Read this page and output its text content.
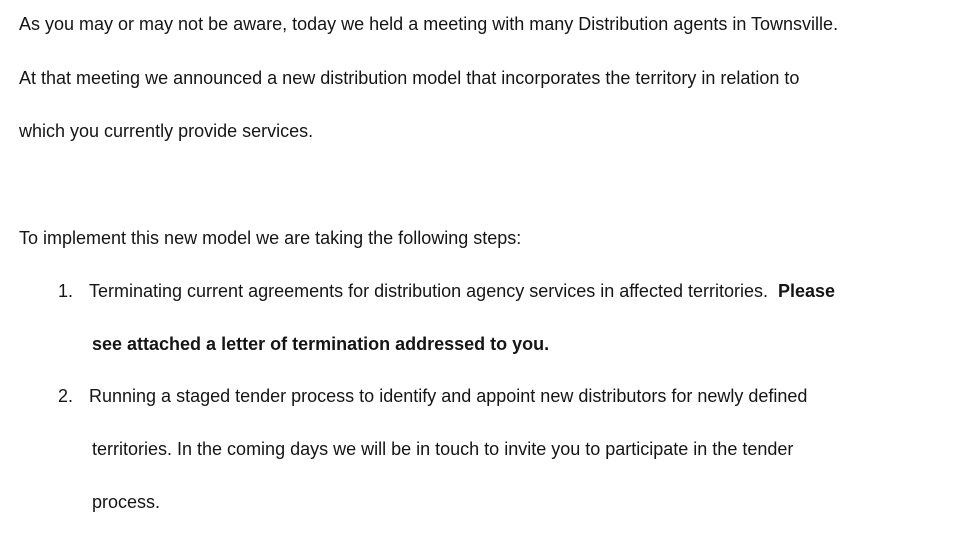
As you may or may not be aware, today we held a meeting with many Distribution agents in Townsville.
At that meeting we announced a new distribution model that incorporates the territory in relation to
which you currently provide services.
To implement this new model we are taking the following steps:
1. Terminating current agreements for distribution agency services in affected territories. Please
see attached a letter of termination addressed to you.
2. Running a staged tender process to identify and appoint new distributors for newly defined
territories. In the coming days we will be in touch to invite you to participate in the tender
process.
